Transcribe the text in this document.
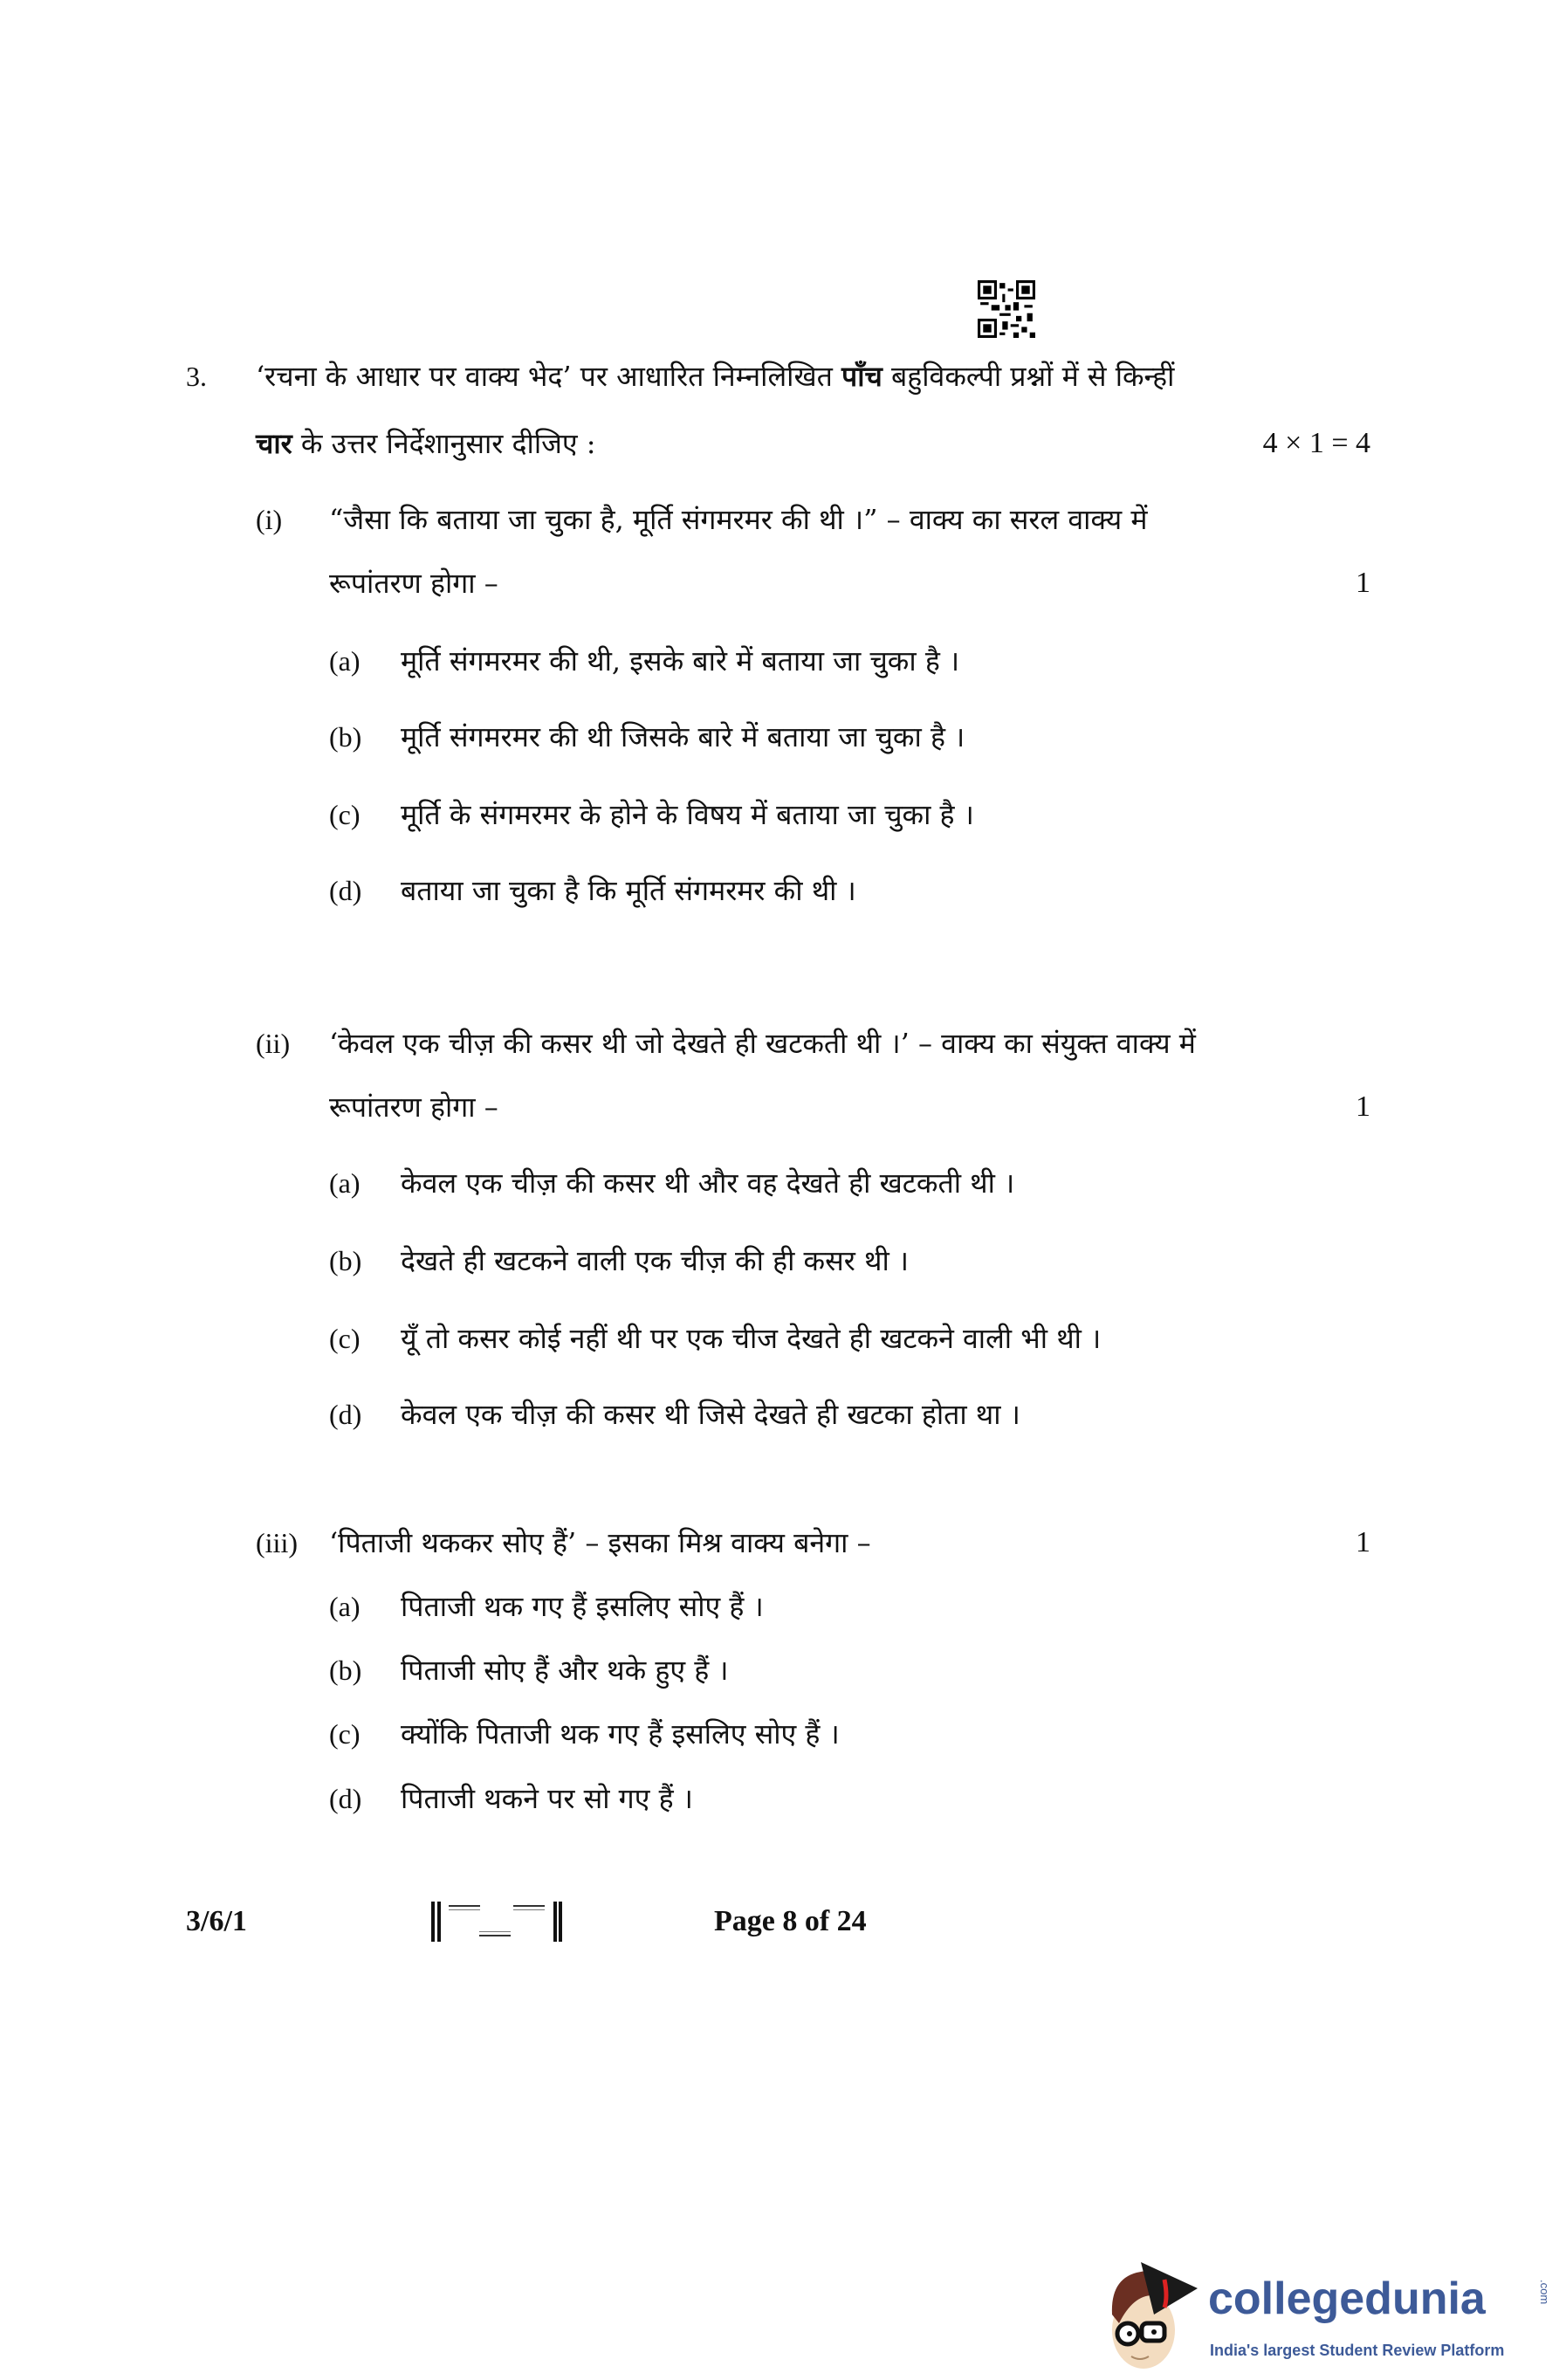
3. ‘रचना के आधार पर वाक्य भेद’ पर आधारित निम्नलिखित पाँच बहुविकल्पी प्रश्नों में से किन्हीं
चार के उत्तर निर्देशानुसार दीजिए :	4 × 1 = 4
(i) “जैसा कि बताया जा चुका है, मूर्ति संगमरमर की थी ।” – वाक्य का सरल वाक्य में
रूपांतरण होगा –	1
(a) मूर्ति संगमरमर की थी, इसके बारे में बताया जा चुका है ।
(b) मूर्ति संगमरमर की थी जिसके बारे में बताया जा चुका है ।
(c) मूर्ति के संगमरमर के होने के विषय में बताया जा चुका है ।
(d) बताया जा चुका है कि मूर्ति संगमरमर की थी ।
(ii) ‘केवल एक चीज़ की कसर थी जो देखते ही खटकती थी ।’ – वाक्य का संयुक्त वाक्य में
रूपांतरण होगा –	1
(a) केवल एक चीज़ की कसर थी और वह देखते ही खटकती थी ।
(b) देखते ही खटकने वाली एक चीज़ की ही कसर थी ।
(c) यूँ तो कसर कोई नहीं थी पर एक चीज देखते ही खटकने वाली भी थी ।
(d) केवल एक चीज़ की कसर थी जिसे देखते ही खटका होता था ।
(iii) ‘पिताजी थककर सोए हैं’ – इसका मिश्र वाक्य बनेगा –	1
(a) पिताजी थक गए हैं इसलिए सोए हैं ।
(b) पिताजी सोए हैं और थके हुए हैं ।
(c) क्योंकि पिताजी थक गए हैं इसलिए सोए हैं ।
(d) पिताजी थकने पर सो गए हैं ।
3/6/1	Page 8 of 24
collegedunia	.com
India's largest Student Review Platform
